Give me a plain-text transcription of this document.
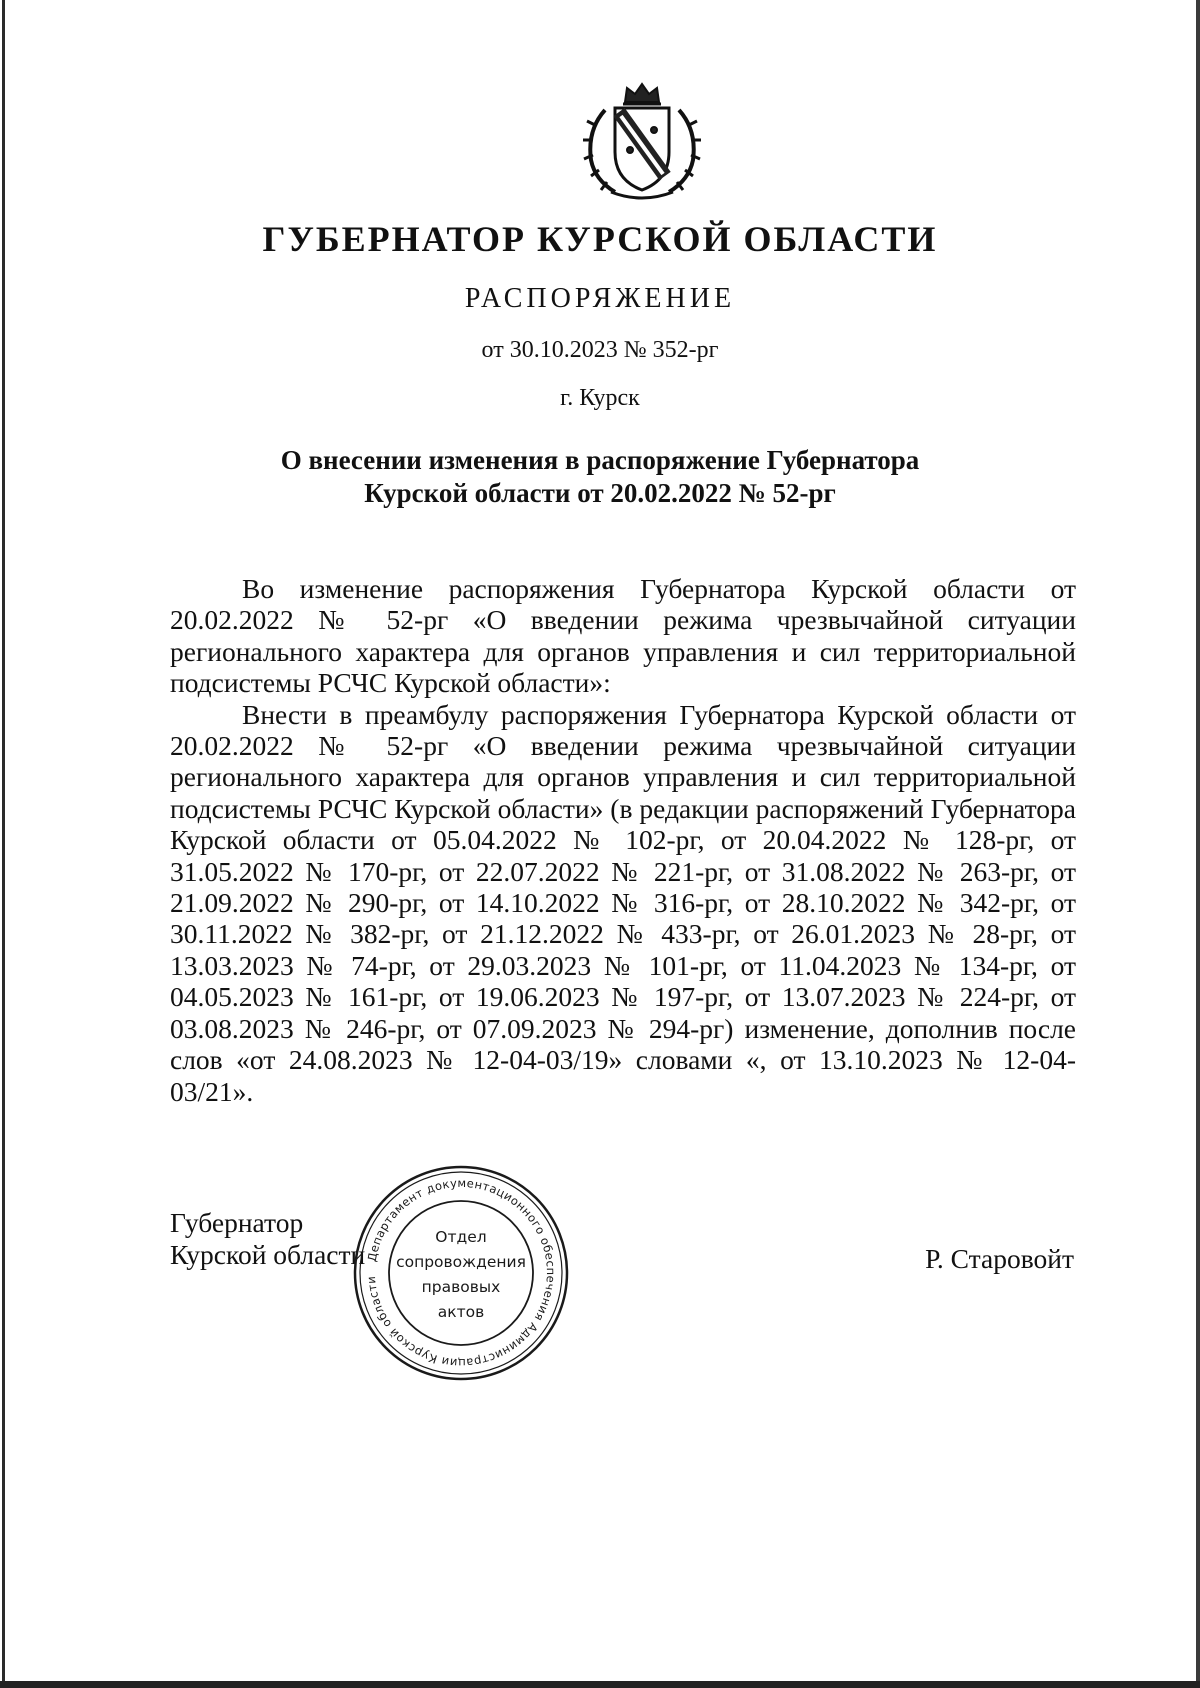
ГУБЕРНАТОР КУРСКОЙ ОБЛАСТИ
РАСПОРЯЖЕНИЕ
от 30.10.2023 № 352-рг
г. Курск
О внесении изменения в распоряжение Губернатора
Курской области от 20.02.2022 № 52-рг

Во изменение распоряжения Губернатора Курской области от 20.02.2022 № 52-рг «О введении режима чрезвычайной ситуации регионального характера для органов управления и сил территориальной подсистемы РСЧС Курской области»:

Внести в преамбулу распоряжения Губернатора Курской области от 20.02.2022 № 52-рг «О введении режима чрезвычайной ситуации регионального характера для органов управления и сил территориальной подсистемы РСЧС Курской области» (в редакции распоряжений Губернатора Курской области от 05.04.2022 № 102-рг, от 20.04.2022 № 128-рг, от 31.05.2022 № 170-рг, от 22.07.2022 № 221-рг, от 31.08.2022 № 263-рг, от 21.09.2022 № 290-рг, от 14.10.2022 № 316-рг, от 28.10.2022 № 342-рг, от 30.11.2022 № 382-рг, от 21.12.2022 № 433-рг, от 26.01.2023 № 28-рг, от 13.03.2023 № 74-рг, от 29.03.2023 № 101-рг, от 11.04.2023 № 134-рг, от 04.05.2023 № 161-рг, от 19.06.2023 № 197-рг, от 13.07.2023 № 224-рг, от 03.08.2023 № 246-рг, от 07.09.2023 № 294-рг) изменение, дополнив после слов «от 24.08.2023 № 12-04-03/19» словами «, от 13.10.2023 № 12-04-03/21».

Губернатор
Курской области Департамент документационного обеспечения Администрации Курской области
Отдел
сопровождения
правовых
актов
Р. Старовойт
